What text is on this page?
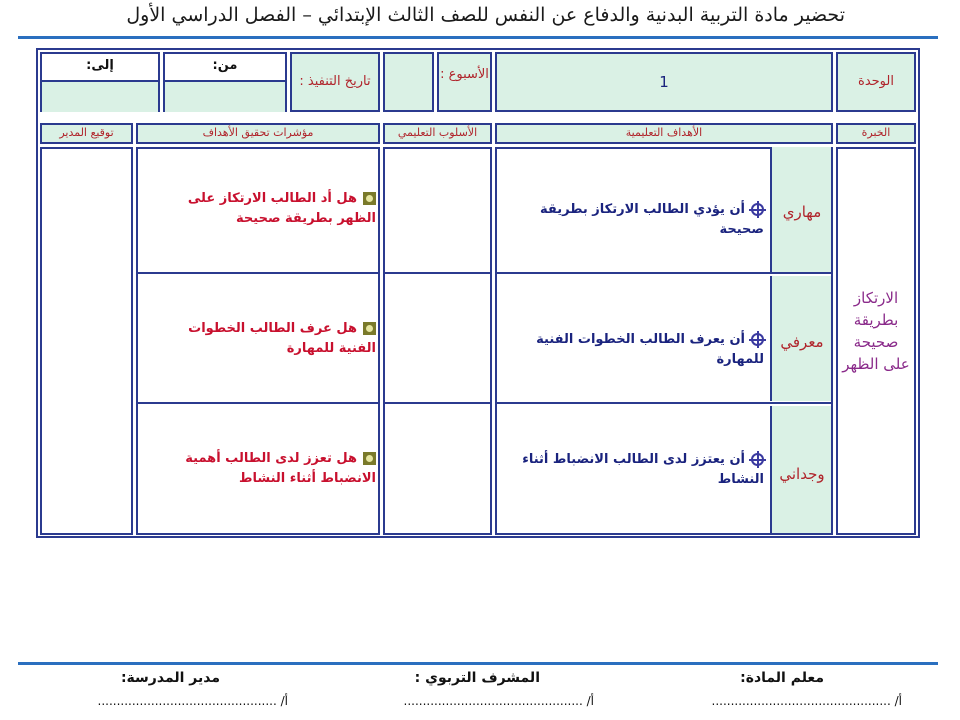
تحضير مادة التربية البدنية والدفاع عن النفس للصف الثالث الإبتدائي – الفصل الدراسي الأول
الوحدة
1
الأسبوع :
تاريخ التنفيذ :
من:
إلى:
الخبرة
الأهداف التعليمية
الأسلوب التعليمي
مؤشرات تحقيق الأهداف
توقيع المدير
الارتكاز بطريقة صحيحة على الظهر
مهاري
معرفي
وجداني
أن يؤدي الطالب الارتكاز بطريقة صحيحة
أن يعرف الطالب الخطوات الفنية للمهارة
أن يعتزز لدى الطالب الانضباط أثناء النشاط
هل أد الطالب الارتكاز على الظهر بطريقة صحيحة
هل عرف الطالب الخطوات الفنية للمهارة
هل تعزز لدى الطالب أهمية الانضباط أثناء النشاط
معلم المادة:
أ/ ...............................................
المشرف التربوي :
أ/ ...............................................
مدير المدرسة:
أ/ ...............................................
